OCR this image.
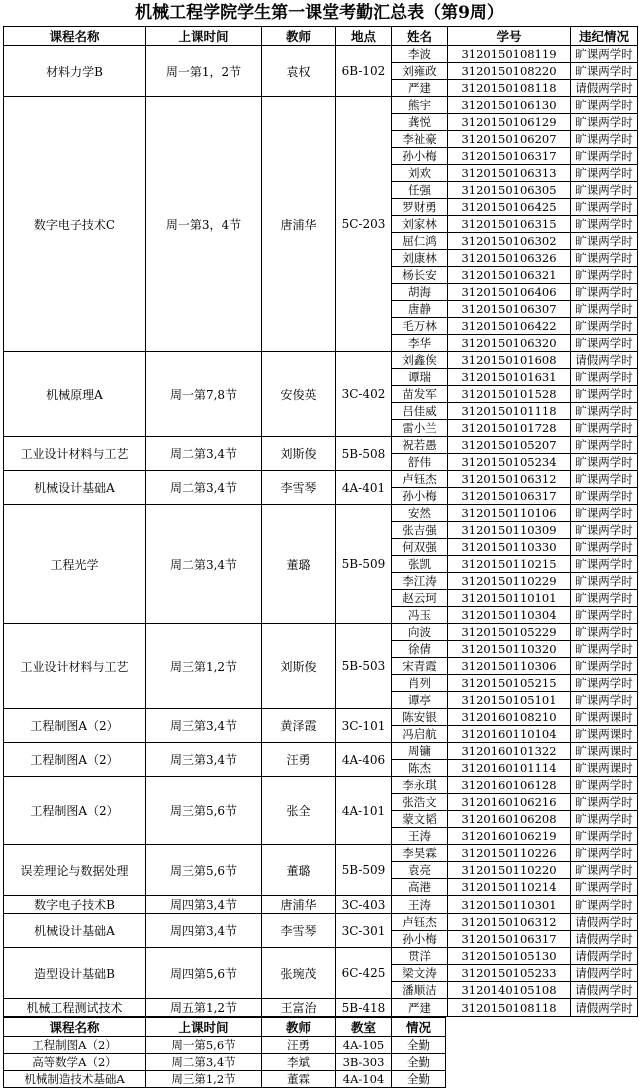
机械工程学院学生第一课堂考勤汇总表（第9周）
课程名称	上课时间	教师	地点	姓名	学号	违纪情况
材料力学B	周一第1，2节	袁权	6B-102	李波	3120150108119	旷课两学时
				刘雍政	3120150108220	旷课两学时
				严建	3120150108118	请假两学时
数字电子技术C	周一第3，4节	唐浦华	5C-203	熊宇	3120150106130	旷课两学时
				龚悦	3120150106129	旷课两学时
				李祉豪	3120150106207	旷课两学时
				孙小梅	3120150106317	旷课两学时
				刘欢	3120150106313	旷课两学时
				任强	3120150106305	旷课两学时
				罗财勇	3120150106425	旷课两学时
				刘家林	3120150106315	旷课两学时
				屈仁鸿	3120150106302	旷课两学时
				刘康林	3120150106326	旷课两学时
				杨长安	3120150106321	旷课两学时
				胡海	3120150106406	旷课两学时
				唐静	3120150106307	旷课两学时
				毛万林	3120150106422	旷课两学时
				李华	3120150106320	旷课两学时
机械原理A	周一第7,8节	安俊英	3C-402	刘鑫俟	3120150101608	请假两学时
				谭瑞	3120150101631	旷课两学时
				苗发军	3120150101528	旷课两学时
				吕佳威	3120150101118	旷课两学时
				雷小兰	3120150101728	旷课两学时
工业设计材料与工艺	周二第3,4节	刘斯俊	5B-508	祝若愚	3120150105207	旷课两学时
				舒伟	3120150105234	旷课两学时
机械设计基础A	周二第3,4节	李雪琴	4A-401	卢钰杰	3120150106312	旷课两学时
				孙小梅	3120150106317	旷课两学时
工程光学	周二第3,4节	董璐	5B-509	安然	3120150110106	旷课两学时
				张吉强	3120150110309	旷课两学时
				何双强	3120150110330	旷课两学时
				张凯	3120150110215	旷课两学时
				李江涛	3120150110229	旷课两学时
				赵云珂	3120150110101	旷课两学时
				冯玉	3120150110304	旷课两学时
工业设计材料与工艺	周三第1,2节	刘斯俊	5B-503	向波	3120150105229	旷课两学时
				徐倩	3120150110320	旷课两学时
				宋青霞	3120150110306	旷课两学时
				肖列	3120150105215	旷课两学时
				谭亭	3120150105101	旷课两学时
工程制图A（2）	周三第3,4节	黄泽霞	3C-101	陈安银	3120160108210	旷课两课时
				冯启航	3120160110104	旷课两课时
工程制图A（2）	周三第3,4节	汪勇	4A-406	周镛	3120160101322	旷课两课时
				陈杰	3120160101114	旷课两课时
工程制图A（2）	周三第5,6节	张全	4A-101	李永琪	3120160106128	旷课两学时
				张浩文	3120160106216	旷课两学时
				蒙文韬	3120160106208	旷课两学时
				王涛	3120160106219	旷课两学时
误差理论与数据处理	周三第5,6节	董璐	5B-509	李昊霖	3120150110226	旷课两学时
				袁亮	3120150110220	旷课两学时
				高港	3120150110214	旷课两学时
数字电子技术B	周四第3,4节	唐浦华	3C-403	王涛	3120150110301	旷课两学时
机械设计基础A	周四第3,4节	李雪琴	3C-301	卢钰杰	3120150106312	请假两学时
				孙小梅	3120150106317	请假两学时
造型设计基础B	周四第5,6节	张琬茂	6C-425	贯洋	3120150105130	请假两学时
				梁文涛	3120150105233	请假两学时
				潘顺洁	3120140105108	请假两学时
机械工程测试技术	周五第1,2节	王富治	5B-418	严建	3120150108118	请假两学时
课程名称	上课时间	教师	教室	情况
工程制图A（2）	周一第5,6节	汪勇	4A-105	全勤
高等数学A（2）	周二第3,4节	李斌	3B-303	全勤
机械制造技术基础A	周三第1,2节	董霖	4A-104	全勤
